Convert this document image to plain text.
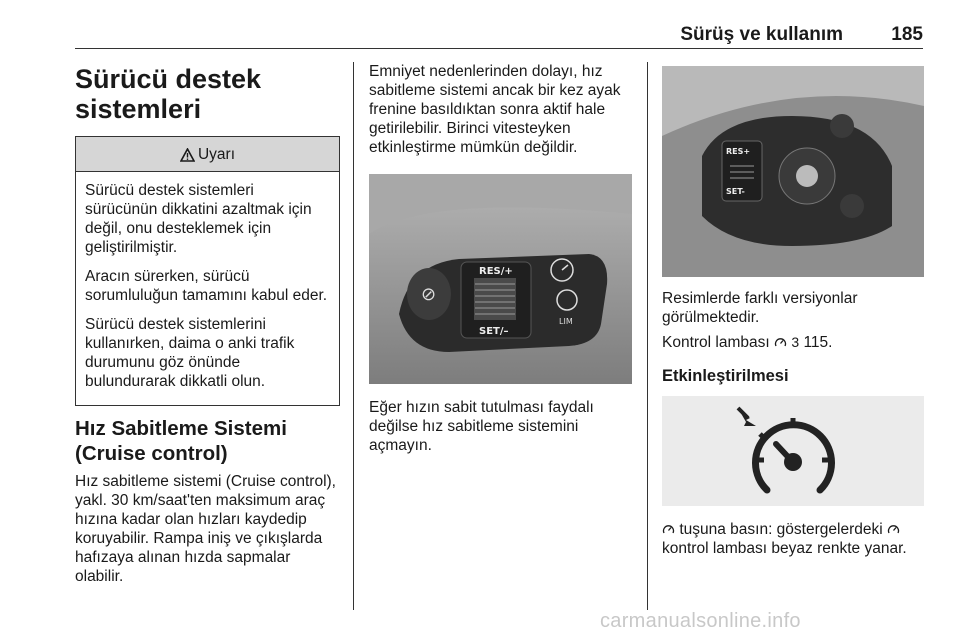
Sürüş ve kullanım	185
Sürücü destek
sistemleri
Uyarı

Sürücü destek sistemleri sürücünün dikkatini azaltmak için değil, onu desteklemek için geliştirilmiştir.

Aracın sürerken, sürücü sorumluluğun tamamını kabul eder.

Sürücü destek sistemlerini kullanırken, daima o anki trafik durumunu göz önünde bulundurarak dikkatli olun.

Hız Sabitleme Sistemi
(Cruise control)

Hız sabitleme sistemi (Cruise control), yakl. 30 km/saat'ten maksimum araç hızına kadar olan hızları kaydedip koruyabilir. Rampa iniş ve çıkışlarda hafızaya alınan hızda sapmalar olabilir.

Emniyet nedenlerinden dolayı, hız sabitleme sistemi ancak bir kez ayak frenine basıldıktan sonra aktif hale getirilebilir. Birinci vitesteyken etkinleştirme mümkün değildir.

⊘
RES/+
SET/–
LIM

Eğer hızın sabit tutulması faydalı değilse hız sabitleme sistemini açmayın.

RES+
SET-

Resimlerde farklı versiyonlar görülmektedir.

Kontrol lambası 3 115.

Etkinleştirilmesi

tuşuna basın: göstergelerdeki  kontrol lambası beyaz renkte yanar.

carmanualsonline.info
